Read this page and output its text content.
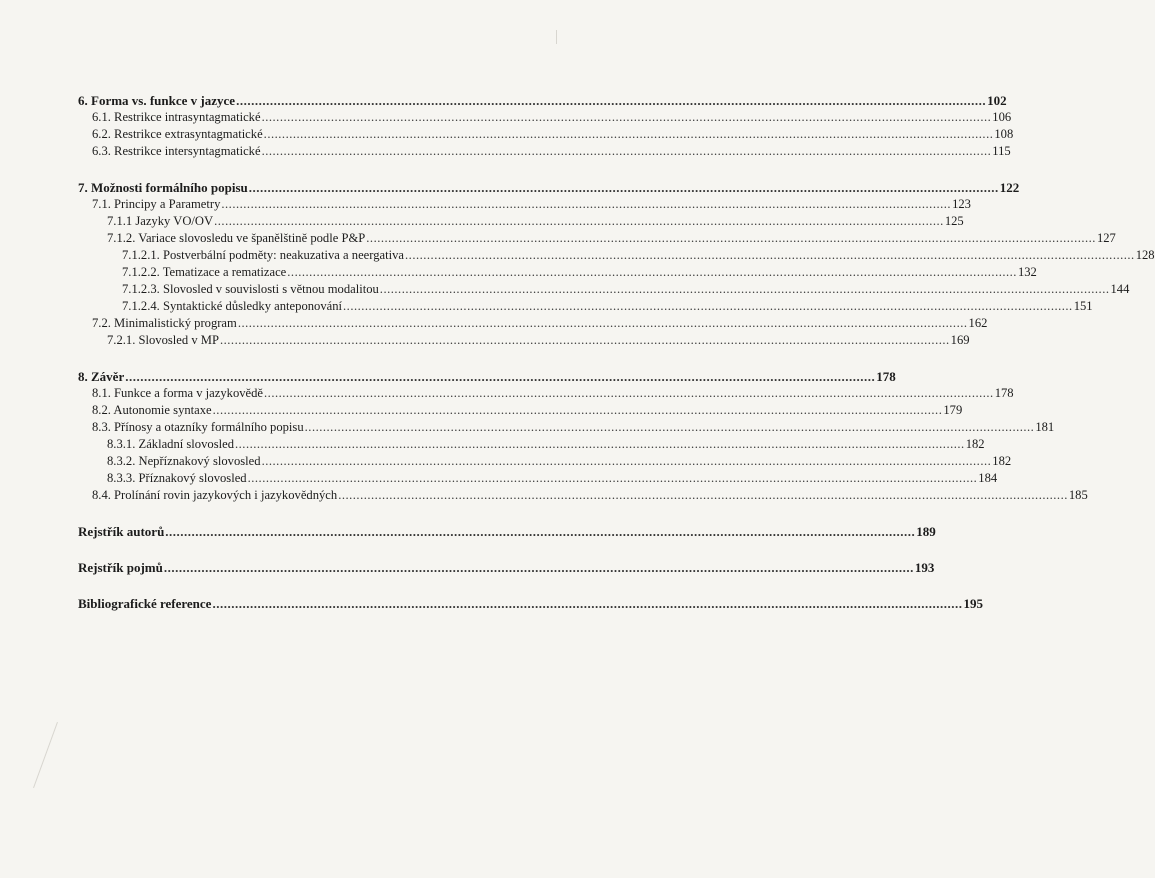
6. Forma vs. funkce v jazyce ........................................................................................................................................................................................................ 102
6.1. Restrikce intrasyntagmatické ........................................................................................................................................................................................................ 106
6.2. Restrikce extrasyntagmatické ........................................................................................................................................................................................................ 108
6.3. Restrikce intersyntagmatické ........................................................................................................................................................................................................ 115
7. Možnosti formálního popisu ........................................................................................................................................................................................................ 122
7.1. Principy a Parametry ........................................................................................................................................................................................................ 123
7.1.1 Jazyky VO/OV ........................................................................................................................................................................................................ 125
7.1.2. Variace slovosledu ve španělštině podle P&P ........................................................................................................................................................................................................ 127
7.1.2.1. Postverbální podměty: neakuzativa a neergativa ........................................................................................................................................................................................................ 128
7.1.2.2. Tematizace a rematizace ........................................................................................................................................................................................................ 132
7.1.2.3. Slovosled v souvislosti s větnou modalitou ........................................................................................................................................................................................................ 144
7.1.2.4. Syntaktické důsledky anteponování ........................................................................................................................................................................................................ 151
7.2. Minimalistický program ........................................................................................................................................................................................................ 162
7.2.1. Slovosled v MP ........................................................................................................................................................................................................ 169
8. Závěr ........................................................................................................................................................................................................ 178
8.1. Funkce a forma v jazykovědě ........................................................................................................................................................................................................ 178
8.2. Autonomie syntaxe ........................................................................................................................................................................................................ 179
8.3. Přínosy a otazníky formálního popisu ........................................................................................................................................................................................................ 181
8.3.1. Základní slovosled ........................................................................................................................................................................................................ 182
8.3.2. Nepříznakový slovosled ........................................................................................................................................................................................................ 182
8.3.3. Příznakový slovosled ........................................................................................................................................................................................................ 184
8.4. Prolínání rovin jazykových i jazykovědných ........................................................................................................................................................................................................ 185
Rejstřík autorů ........................................................................................................................................................................................................ 189
Rejstřík pojmů ........................................................................................................................................................................................................ 193
Bibliografické reference ........................................................................................................................................................................................................ 195
